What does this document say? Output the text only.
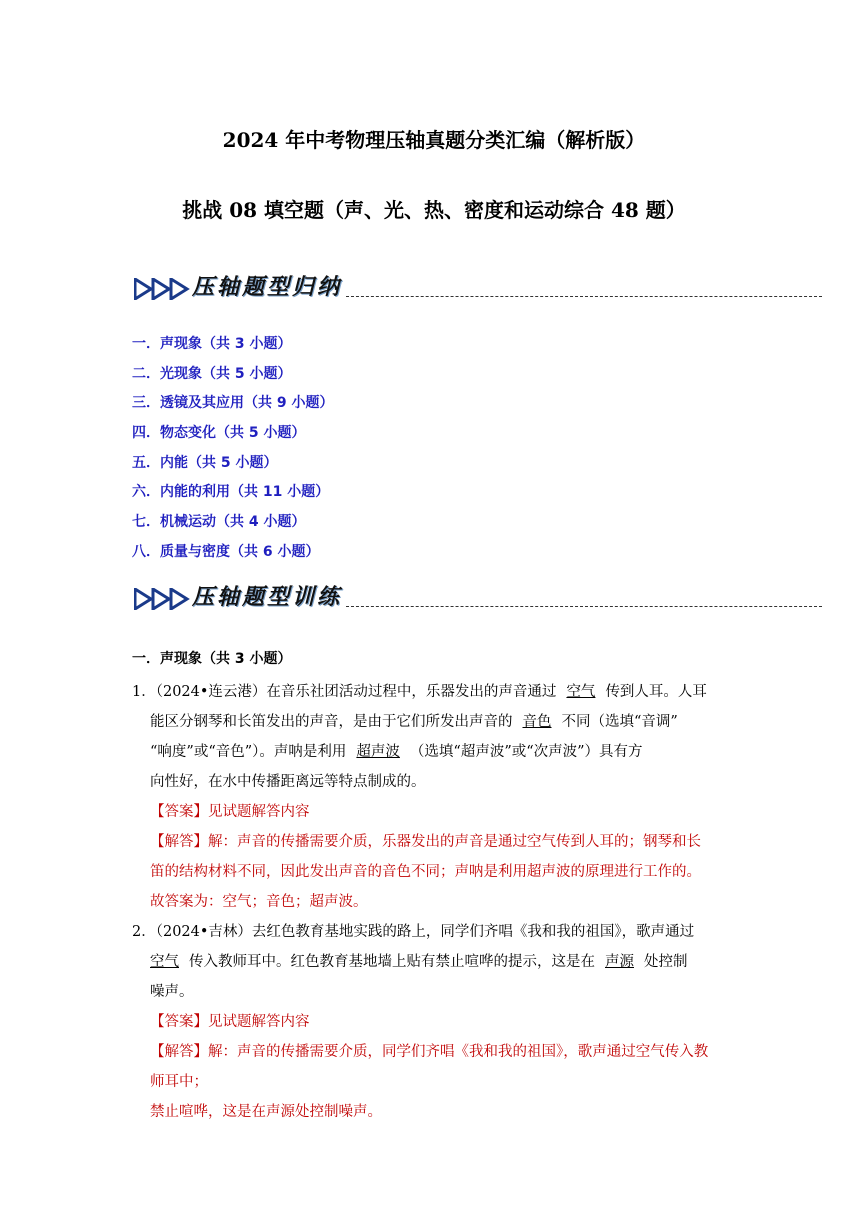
2024 年中考物理压轴真题分类汇编（解析版）
挑战 08 填空题（声、光、热、密度和运动综合 48 题）
压轴题型归纳
一．声现象（共 3 小题）
二．光现象（共 5 小题）
三．透镜及其应用（共 9 小题）
四．物态变化（共 5 小题）
五．内能（共 5 小题）
六．内能的利用（共 11 小题）
七．机械运动（共 4 小题）
八．质量与密度（共 6 小题）
压轴题型训练
一．声现象（共 3 小题）
1．（2024•连云港）在音乐社团活动过程中，乐器发出的声音通过 空气 传到人耳。人耳
能区分钢琴和长笛发出的声音，是由于它们所发出声音的 音色 不同（选填“音调”
“响度”或“音色”）。声呐是利用 超声波 （选填“超声波”或“次声波”）具有方
向性好，在水中传播距离远等特点制成的。
【答案】见试题解答内容
【解答】解：声音的传播需要介质，乐器发出的声音是通过空气传到人耳的；钢琴和长
笛的结构材料不同，因此发出声音的音色不同；声呐是利用超声波的原理进行工作的。
故答案为：空气；音色；超声波。
2．（2024•吉林）去红色教育基地实践的路上，同学们齐唱《我和我的祖国》，歌声通过
空气 传入教师耳中。红色教育基地墙上贴有禁止喧哗的提示，这是在 声源 处控制
噪声。
【答案】见试题解答内容
【解答】解：声音的传播需要介质，同学们齐唱《我和我的祖国》，歌声通过空气传入教
师耳中；
禁止喧哗，这是在声源处控制噪声。
